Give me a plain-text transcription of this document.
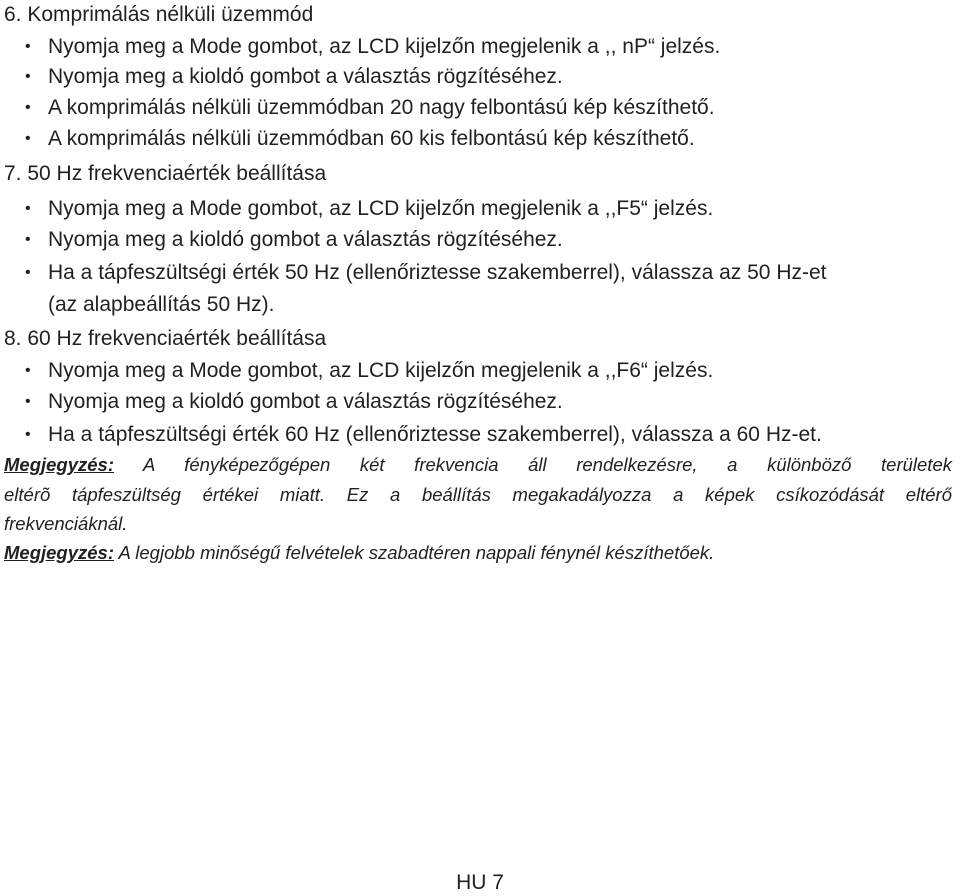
6. Komprimálás nélküli üzemmód
• Nyomja meg a Mode gombot, az LCD kijelzőn megjelenik a ,, nP“ jelzés.
• Nyomja meg a kioldó gombot a választás rögzítéséhez.
• A komprimálás nélküli üzemmódban 20 nagy felbontású kép készíthető.
• A komprimálás nélküli üzemmódban 60 kis felbontású kép készíthető.
7. 50 Hz frekvenciaérték beállítása
• Nyomja meg a Mode gombot, az LCD kijelzőn megjelenik a ,,F5“ jelzés.
• Nyomja meg a kioldó gombot a választás rögzítéséhez.
• Ha a tápfeszültségi érték 50 Hz (ellenőriztesse szakemberrel), válassza az 50 Hz-et
(az alapbeállítás 50 Hz).
8. 60 Hz frekvenciaérték beállítása
• Nyomja meg a Mode gombot, az LCD kijelzőn megjelenik a ,,F6“ jelzés.
• Nyomja meg a kioldó gombot a választás rögzítéséhez.
• Ha a tápfeszültségi érték 60 Hz (ellenőriztesse szakemberrel), válassza a 60 Hz-et.
Megjegyzés: A fényképezőgépen két frekvencia áll rendelkezésre, a különböző területek
eltérõ tápfeszültség értékei miatt. Ez a beállítás megakadályozza a képek csíkozódását eltérő
frekvenciáknál.
Megjegyzés: A legjobb minőségű felvételek szabadtéren nappali fénynél készíthetőek.
HU 7
